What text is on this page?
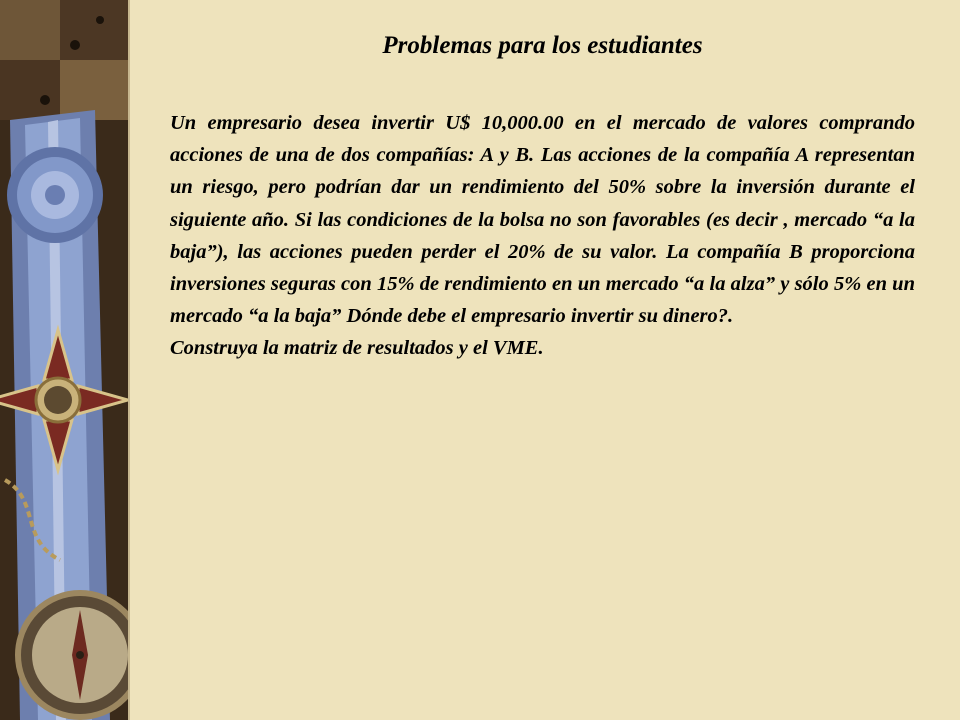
Problemas para los estudiantes

Un empresario desea invertir U$ 10,000.00 en el mercado de valores comprando acciones de una de dos compañías: A y B. Las acciones de la compañía A representan un riesgo, pero podrían dar un rendimiento del 50% sobre la inversión durante el siguiente año. Si las condiciones de la bolsa no son favorables (es decir , mercado “a la baja”), las acciones pueden perder el 20% de su valor. La compañía B proporciona inversiones seguras con 15% de rendimiento en un mercado “a la alza” y sólo 5% en un mercado “a la baja” Dónde debe el empresario invertir su dinero?.

Construya la matriz de resultados y el VME.
